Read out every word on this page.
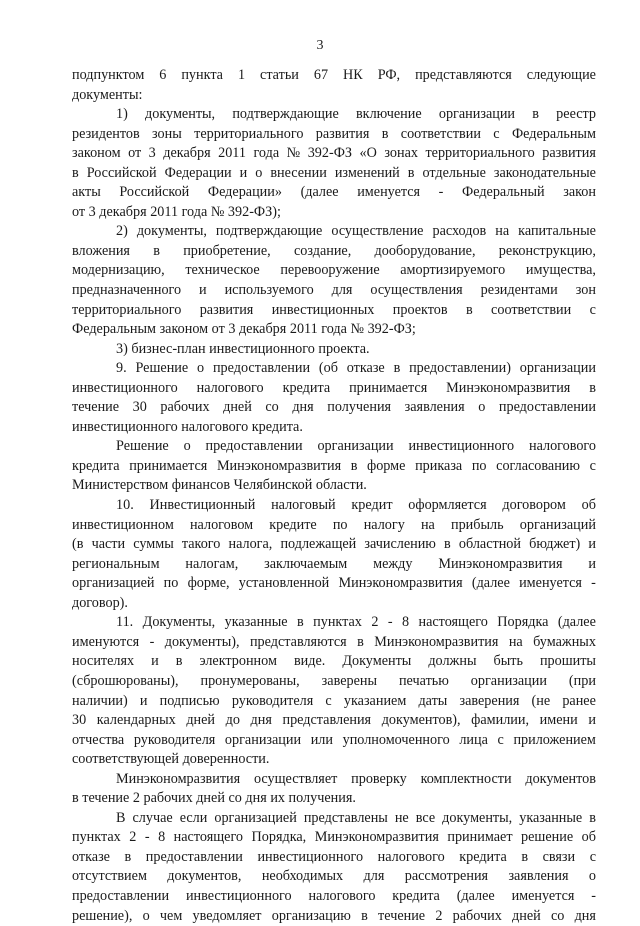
3
подпунктом 6 пункта 1 статьи 67 НК РФ, представляются следующие
документы:
1) документы, подтверждающие включение организации в реестр
резидентов зоны территориального развития в соответствии с Федеральным
законом от 3 декабря 2011 года № 392-ФЗ «О зонах территориального развития
в Российской Федерации и о внесении изменений в отдельные законодательные
акты Российской Федерации» (далее именуется - Федеральный закон
от 3 декабря 2011 года № 392-ФЗ);
2) документы, подтверждающие осуществление расходов на капитальные
вложения в приобретение, создание, дооборудование, реконструкцию,
модернизацию, техническое перевооружение амортизируемого имущества,
предназначенного и используемого для осуществления резидентами зон
территориального развития инвестиционных проектов в соответствии с
Федеральным законом от 3 декабря 2011 года № 392-ФЗ;
3) бизнес-план инвестиционного проекта.
9. Решение о предоставлении (об отказе в предоставлении) организации
инвестиционного налогового кредита принимается Минэкономразвития в
течение 30 рабочих дней со дня получения заявления о предоставлении
инвестиционного налогового кредита.
Решение о предоставлении организации инвестиционного налогового
кредита принимается Минэкономразвития в форме приказа по согласованию с
Министерством финансов Челябинской области.
10. Инвестиционный налоговый кредит оформляется договором об
инвестиционном налоговом кредите по налогу на прибыль организаций
(в части суммы такого налога, подлежащей зачислению в областной бюджет) и
региональным налогам, заключаемым между Минэкономразвития и
организацией по форме, установленной Минэкономразвития (далее именуется -
договор).
11. Документы, указанные в пунктах 2 - 8 настоящего Порядка (далее
именуются - документы), представляются в Минэкономразвития на бумажных
носителях и в электронном виде. Документы должны быть прошиты
(сброшюрованы), пронумерованы, заверены печатью организации (при
наличии) и подписью руководителя с указанием даты заверения (не ранее
30 календарных дней до дня представления документов), фамилии, имени и
отчества руководителя организации или уполномоченного лица с приложением
соответствующей доверенности.
Минэкономразвития осуществляет проверку комплектности документов
в течение 2 рабочих дней со дня их получения.
В случае если организацией представлены не все документы, указанные в
пунктах 2 - 8 настоящего Порядка, Минэкономразвития принимает решение об
отказе в предоставлении инвестиционного налогового кредита в связи с
отсутствием документов, необходимых для рассмотрения заявления о
предоставлении инвестиционного налогового кредита (далее именуется -
решение), о чем уведомляет организацию в течение 2 рабочих дней со дня
